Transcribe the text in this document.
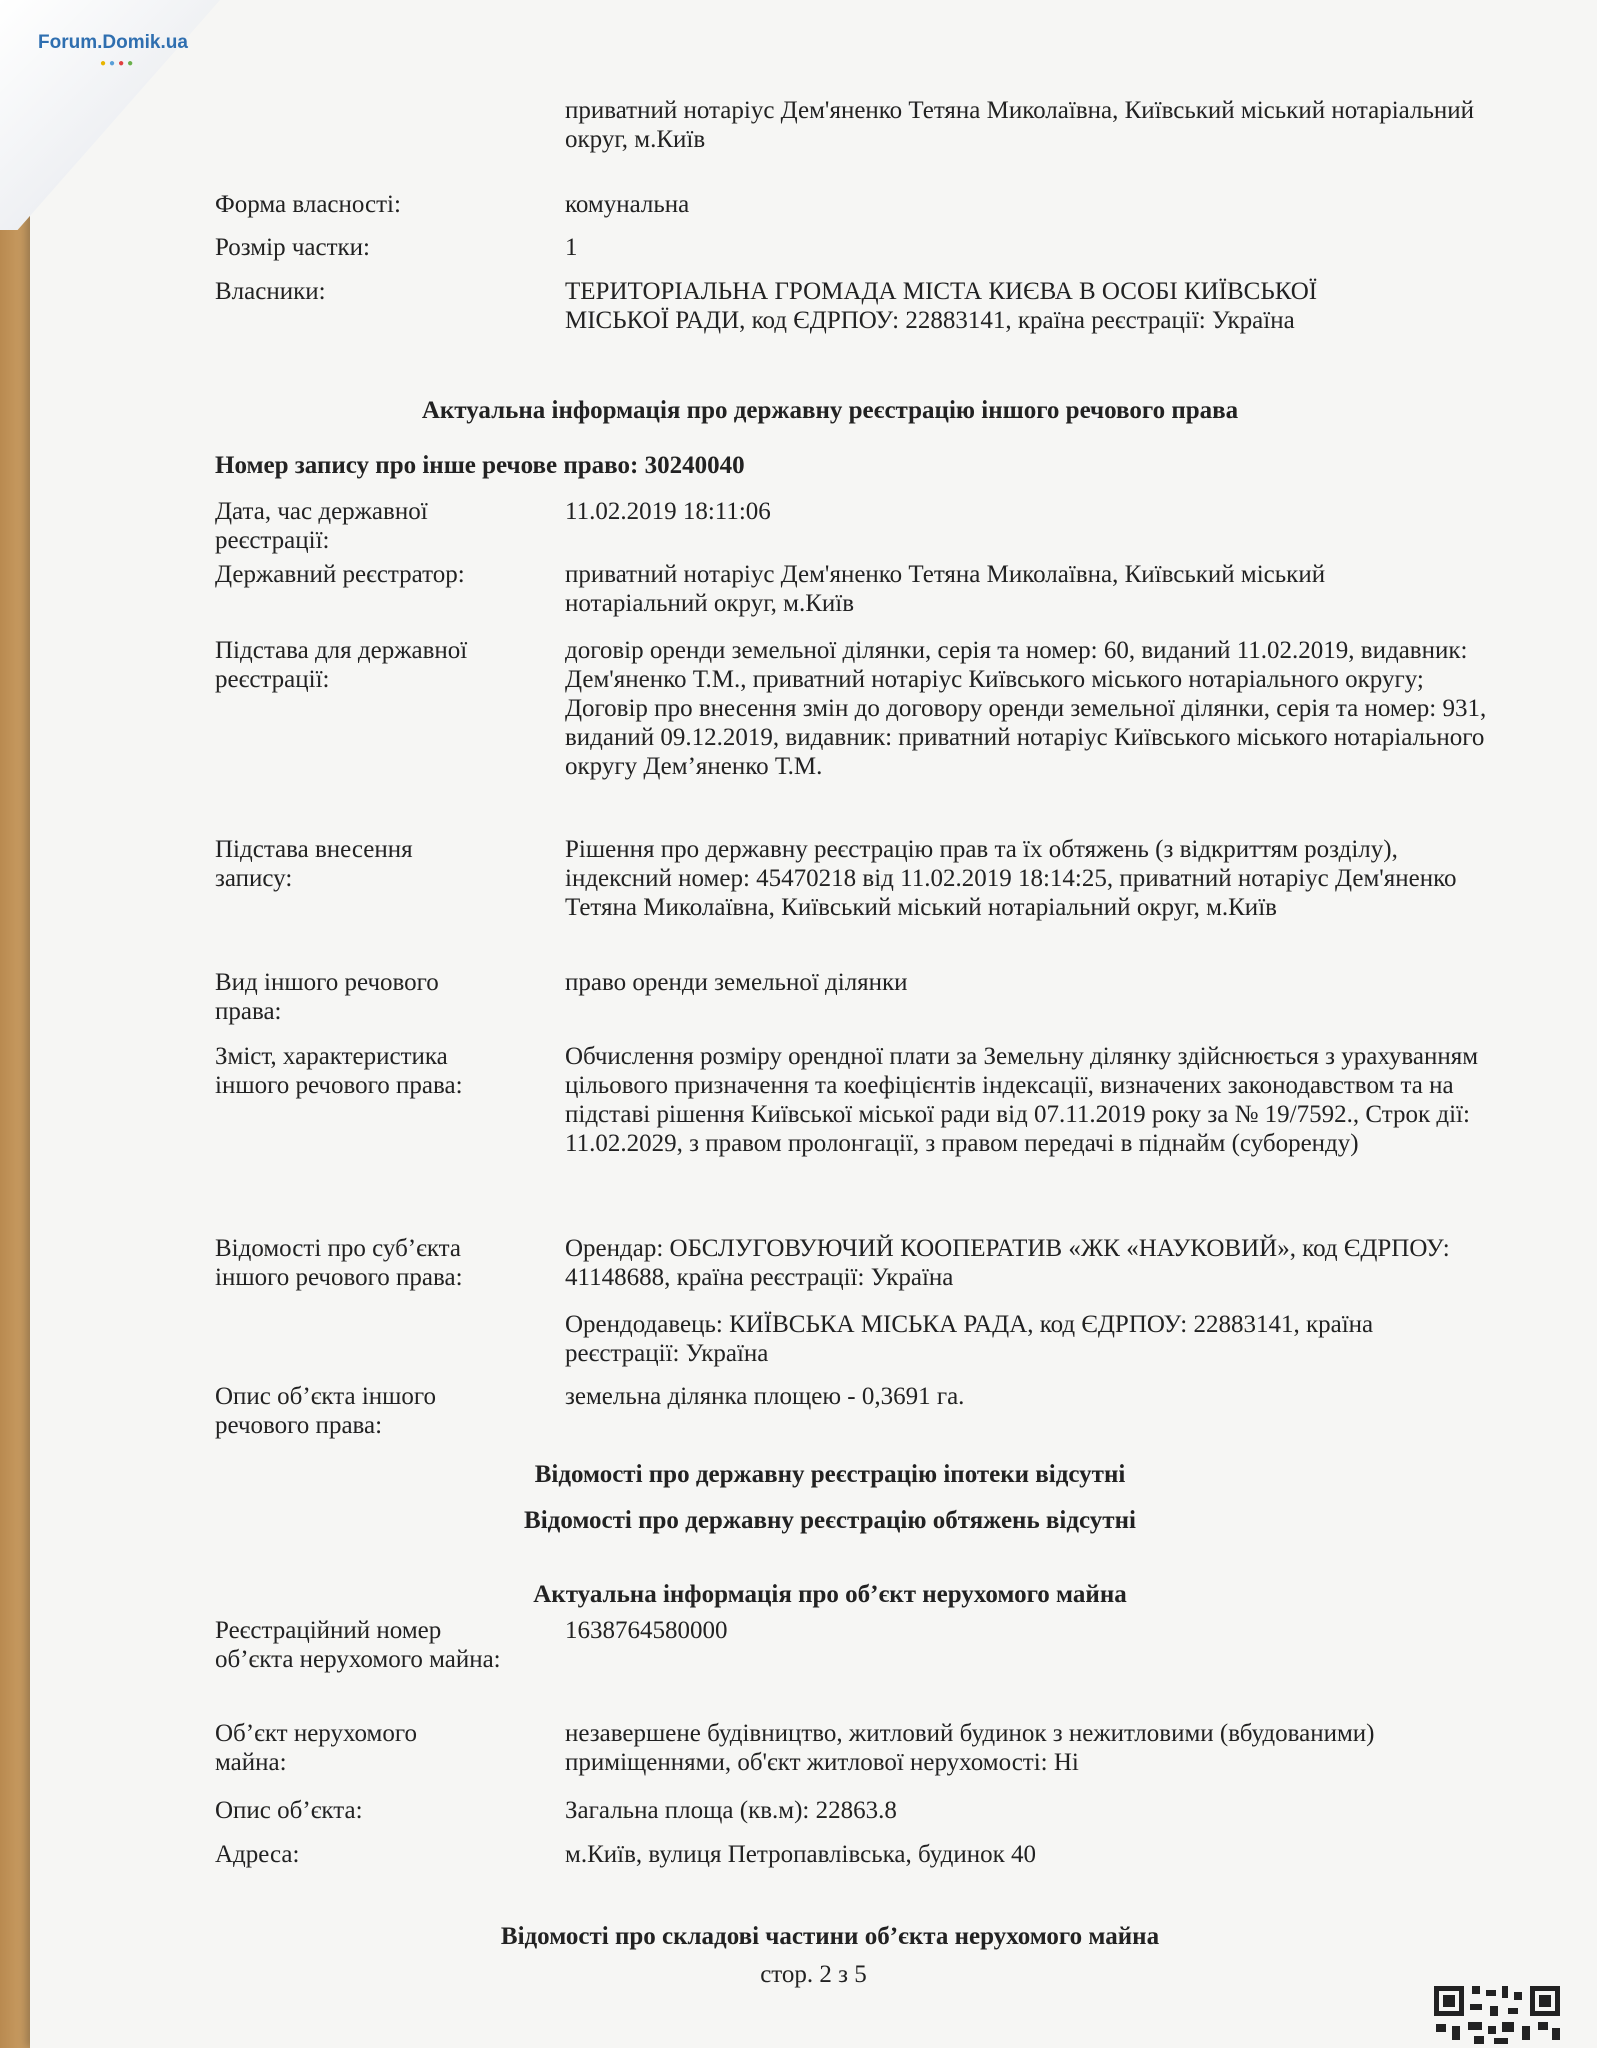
приватний нотаріус Дем'яненко Тетяна Миколаївна, Київський міський нотаріальний округ, м.Київ
Форма власності:	комунальна
Розмір частки:	1
Власники:	ТЕРИТОРІАЛЬНА ГРОМАДА МІСТА КИЄВА В ОСОБІ КИЇВСЬКОЇ МІСЬКОЇ РАДИ, код ЄДРПОУ: 22883141, країна реєстрації: Україна
Актуальна інформація про державну реєстрацію іншого речового права
Номер запису про інше речове право: 30240040
Дата, час державної реєстрації:
11.02.2019 18:11:06
Державний реєстратор:	приватний нотаріус Дем'яненко Тетяна Миколаївна, Київський міський нотаріальний округ, м.Київ
Підстава для державної реєстрації:
договір оренди земельної ділянки, серія та номер: 60, виданий 11.02.2019, видавник: Дем'яненко Т.М., приватний нотаріус Київського міського нотаріального округу; Договір про внесення змін до договору оренди земельної ділянки, серія та номер: 931, виданий 09.12.2019, видавник: приватний нотаріус Київського міського нотаріального округу Дем’яненко Т.М.
Підстава внесення запису:
Рішення про державну реєстрацію прав та їх обтяжень (з відкриттям розділу), індексний номер: 45470218 від 11.02.2019 18:14:25, приватний нотаріус Дем'яненко Тетяна Миколаївна, Київський міський нотаріальний округ, м.Київ
Вид іншого речового права:
право оренди земельної ділянки
Зміст, характеристика іншого речового права:
Обчислення розміру орендної плати за Земельну ділянку здійснюється з урахуванням цільового призначення та коефіцієнтів індексації, визначених законодавством та на підставі рішення Київської міської ради від 07.11.2019 року за № 19/7592., Строк дії: 11.02.2029, з правом пролонгації, з правом передачі в піднайм (суборенду)
Відомості про суб’єкта іншого речового права:
Орендар: ОБСЛУГОВУЮЧИЙ КООПЕРАТИВ «ЖК «НАУКОВИЙ», код ЄДРПОУ: 41148688, країна реєстрації: Україна
Орендодавець: КИЇВСЬКА МІСЬКА РАДА, код ЄДРПОУ: 22883141, країна реєстрації: Україна
Опис об’єкта іншого речового права:
земельна ділянка площею - 0,3691 га.
Відомості про державну реєстрацію іпотеки відсутні
Відомості про державну реєстрацію обтяжень відсутні
Актуальна інформація про об’єкт нерухомого майна
Реєстраційний номер об’єкта нерухомого майна:
1638764580000
Об’єкт нерухомого майна:
незавершене будівництво, житловий будинок з нежитловими (вбудованими) приміщеннями, об'єкт житлової нерухомості: Ні
Опис об’єкта:	Загальна площа (кв.м): 22863.8
Адреса:	м.Київ, вулиця Петропавлівська, будинок 40
Відомості про складові частини об’єкта нерухомого майна
стор. 2 з 5
Forum.Domik.ua
●●●●
